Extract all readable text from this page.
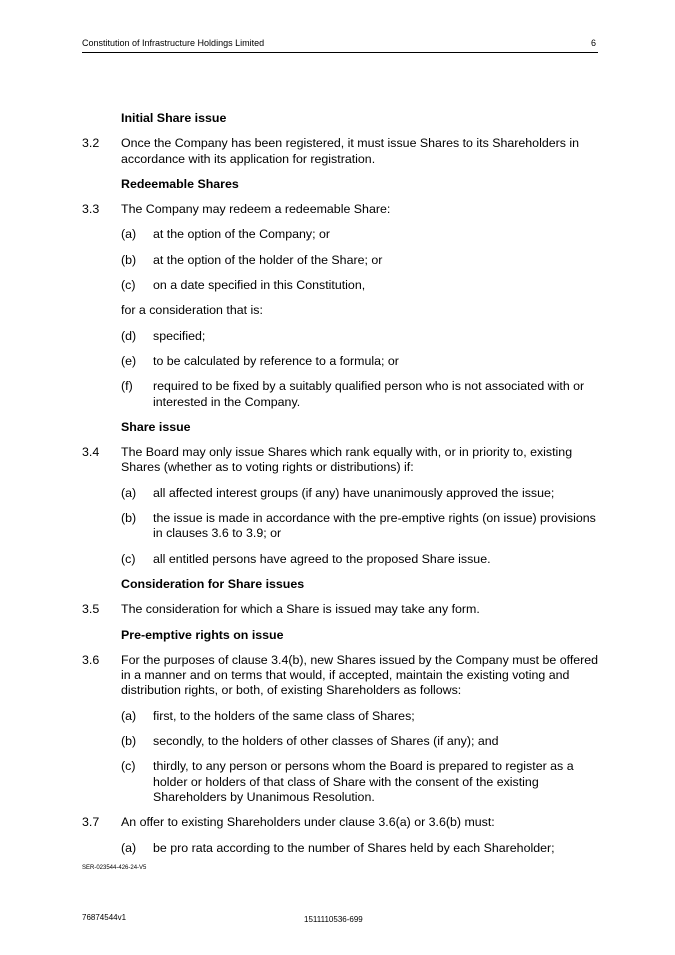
Constitution of Infrastructure Holdings Limited	6
Initial Share issue
3.2 Once the Company has been registered, it must issue Shares to its Shareholders in accordance with its application for registration.
Redeemable Shares
3.3 The Company may redeem a redeemable Share:
(a) at the option of the Company; or
(b) at the option of the holder of the Share; or
(c) on a date specified in this Constitution,
for a consideration that is:
(d) specified;
(e) to be calculated by reference to a formula; or
(f) required to be fixed by a suitably qualified person who is not associated with or interested in the Company.
Share issue
3.4 The Board may only issue Shares which rank equally with, or in priority to, existing Shares (whether as to voting rights or distributions) if:
(a) all affected interest groups (if any) have unanimously approved the issue;
(b) the issue is made in accordance with the pre-emptive rights (on issue) provisions in clauses 3.6 to 3.9; or
(c) all entitled persons have agreed to the proposed Share issue.
Consideration for Share issues
3.5 The consideration for which a Share is issued may take any form.
Pre-emptive rights on issue
3.6 For the purposes of clause 3.4(b), new Shares issued by the Company must be offered in a manner and on terms that would, if accepted, maintain the existing voting and distribution rights, or both, of existing Shareholders as follows:
(a) first, to the holders of the same class of Shares;
(b) secondly, to the holders of other classes of Shares (if any); and
(c) thirdly, to any person or persons whom the Board is prepared to register as a holder or holders of that class of Share with the consent of the existing Shareholders by Unanimous Resolution.
3.7 An offer to existing Shareholders under clause 3.6(a) or 3.6(b) must:
(a) be pro rata according to the number of Shares held by each Shareholder;
SER-023544-426-24-V5
76874544v1	1511110536-699
